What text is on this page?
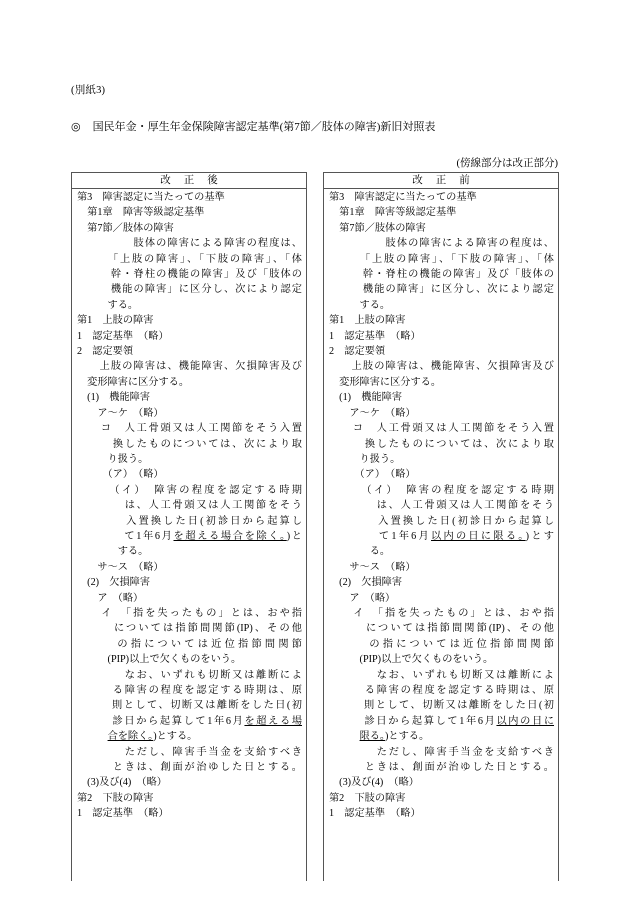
(別紙3)
◎ 国民年金・厚生年金保険障害認定基準(第7節／肢体の障害)新旧対照表
(傍線部分は改正部分)
改正後
第3　障害認定に当たっての基準
　第1章　障害等級認定基準
　第7節／肢体の障害
　　　　　肢体の障害による障害の程度は、
　　　「上肢の障害」、「下肢の障害」、「体
　　　幹・脊柱の機能の障害」及び「肢体の
　　　機能の障害」に区分し、次により認定
　　　する。
第1　上肢の障害
1　認定基準　（略）
2　認定要領
　　上肢の障害は、機能障害、欠損障害及び
　変形障害に区分する。
　(1)　機能障害
　　ア～ケ　（略）
　　コ　人工骨頭又は人工関節をそう入置
　　　換したものについては、次により取
　　　り扱う。
　　　（ア）　（略）
　　　（イ）　障害の程度を認定する時期
　　　　は、人工骨頭又は人工関節をそう
　　　　入置換した日(初診日から起算し
　　　　て1年6月を超える場合を除く。)と
　　　　する。
　　サ～ス　（略）
　(2)　欠損障害
　　ア　（略）
　　イ　「指を失ったもの」とは、おや指
　　　については指節間関節(IP)、その他
　　　の指については近位指節間関節
　　　(PIP)以上で欠くものをいう。
　　　　なお、いずれも切断又は離断によ
　　　る障害の程度を認定する時期は、原
　　　則として、切断又は離断をした日(初
　　　診日から起算して1年6月を超える場
　　　合を除く。)とする。
　　　　ただし、障害手当金を支給すべき
　　　ときは、創面が治ゆした日とする。
　(3)及び(4)　（略）
第2　下肢の障害
1　認定基準　（略）
改正前
第3　障害認定に当たっての基準
　第1章　障害等級認定基準
　第7節／肢体の障害
　　　　　肢体の障害による障害の程度は、
　　　「上肢の障害」、「下肢の障害」、「体
　　　幹・脊柱の機能の障害」及び「肢体の
　　　機能の障害」に区分し、次により認定
　　　する。
第1　上肢の障害
1　認定基準　（略）
2　認定要領
　　上肢の障害は、機能障害、欠損障害及び
　変形障害に区分する。
　(1)　機能障害
　　ア～ケ　（略）
　　コ　人工骨頭又は人工関節をそう入置
　　　換したものについては、次により取
　　　り扱う。
　　　（ア）　（略）
　　　（イ）　障害の程度を認定する時期
　　　　は、人工骨頭又は人工関節をそう
　　　　入置換した日(初診日から起算し
　　　　て1年6月以内の日に限る。)とす
　　　　る。
　　サ～ス　（略）
　(2)　欠損障害
　　ア　（略）
　　イ　「指を失ったもの」とは、おや指
　　　については指節間関節(IP)、その他
　　　の指については近位指節間関節
　　　(PIP)以上で欠くものをいう。
　　　　なお、いずれも切断又は離断によ
　　　る障害の程度を認定する時期は、原
　　　則として、切断又は離断をした日(初
　　　診日から起算して1年6月以内の日に
　　　限る。)とする。
　　　　ただし、障害手当金を支給すべき
　　　ときは、創面が治ゆした日とする。
　(3)及び(4)　（略）
第2　下肢の障害
1　認定基準　（略）
